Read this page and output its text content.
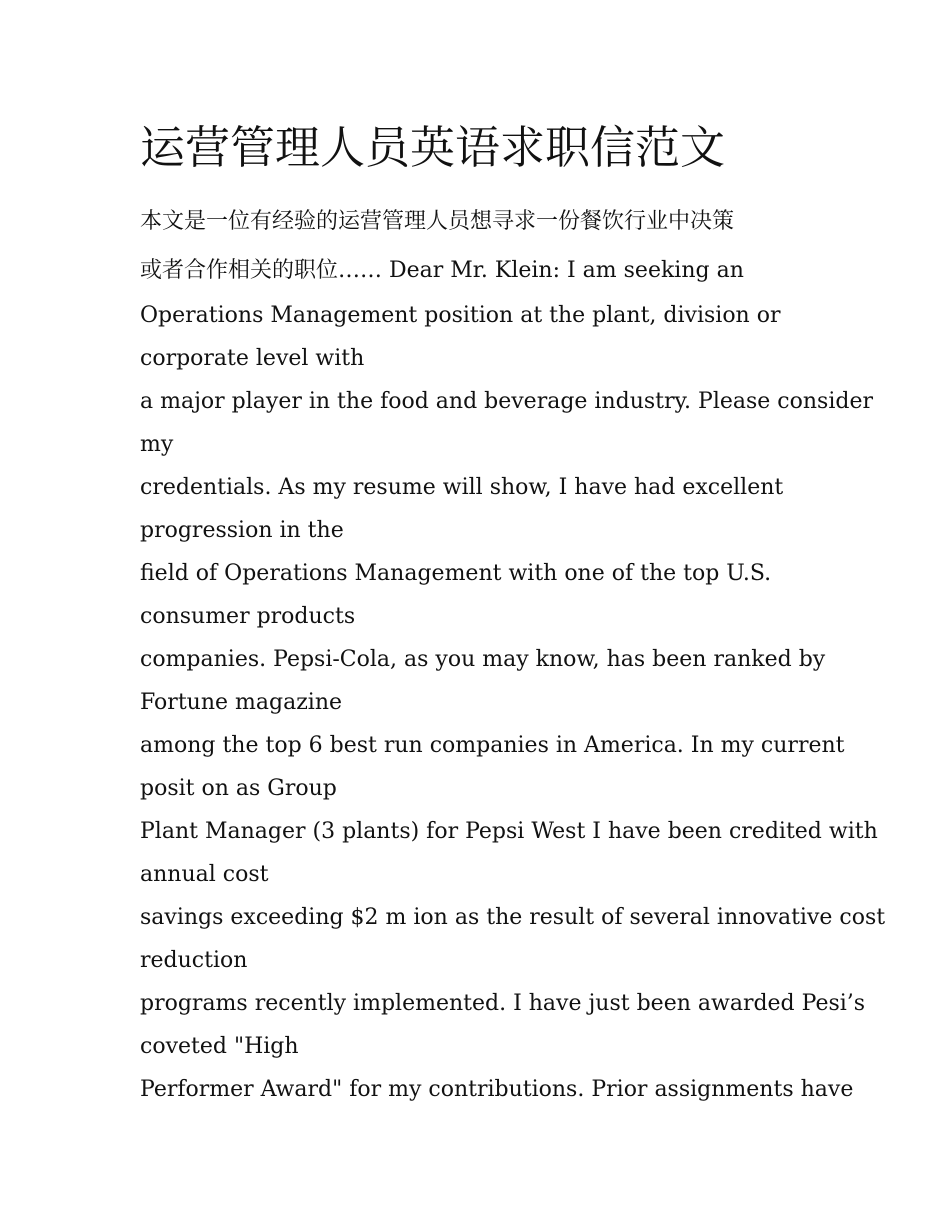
运营管理人员英语求职信范文
本文是一位有经验的运营管理人员想寻求一份餐饮行业中决策
或者合作相关的职位…… Dear Mr. Klein: I am seeking an
Operations Management position at the plant, division or
corporate level with
a major player in the food and beverage industry. Please consider
my
credentials. As my resume will show, I have had excellent
progression in the
field of Operations Management with one of the top U.S.
consumer products
companies. Pepsi-Cola, as you may know, has been ranked by
Fortune magazine
among the top 6 best run companies in America. In my current
posit on as Group
Plant Manager (3 plants) for Pepsi West I have been credited with
annual cost
savings exceeding $2 m ion as the result of several innovative cost
reduction
programs recently implemented. I have just been awarded Pesi’s
coveted "High
Performer Award" for my contributions. Prior assignments have
